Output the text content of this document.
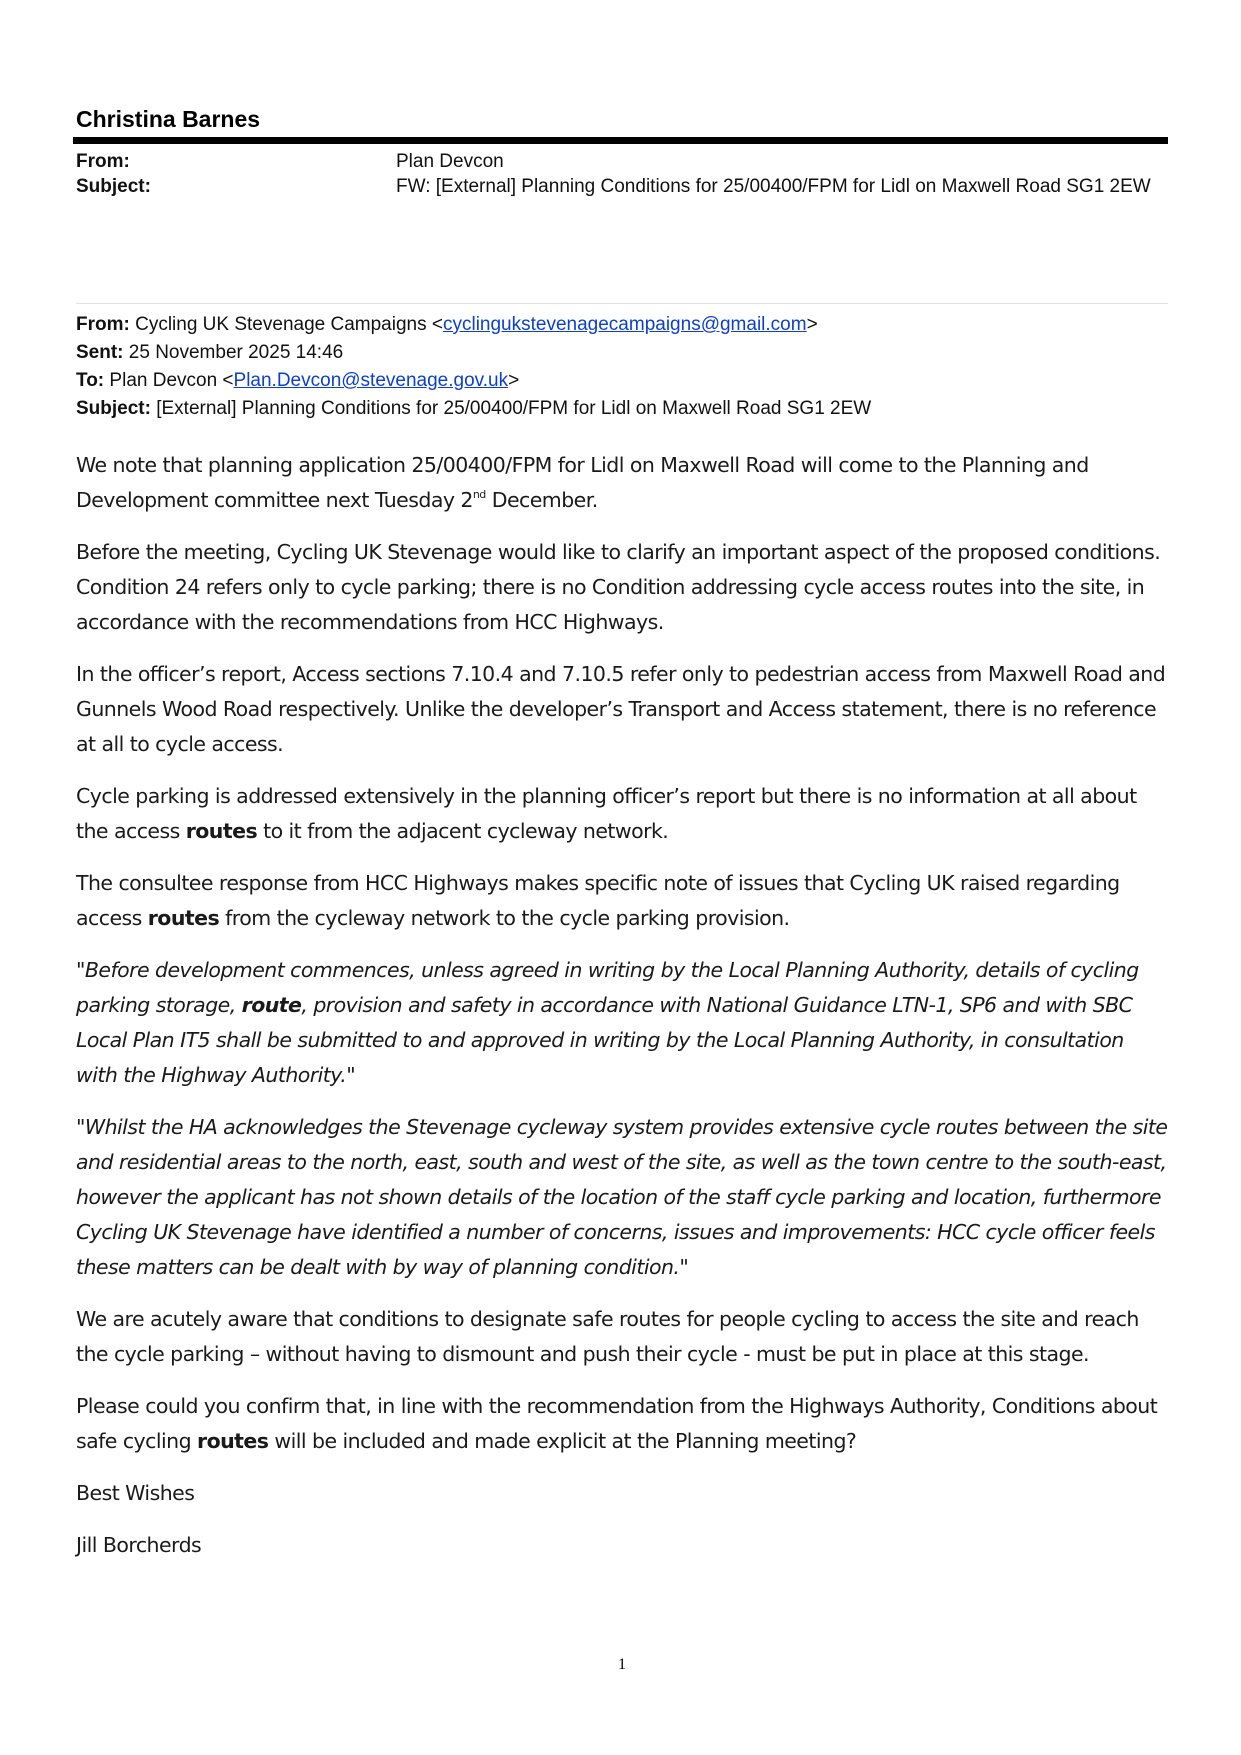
Christina Barnes
From:	Plan Devcon
Subject:	FW: [External] Planning Conditions for 25/00400/FPM for Lidl on Maxwell Road SG1 2EW
From: Cycling UK Stevenage Campaigns <cyclingukstevenagecampaigns@gmail.com>
Sent: 25 November 2025 14:46
To: Plan Devcon <Plan.Devcon@stevenage.gov.uk>
Subject: [External] Planning Conditions for 25/00400/FPM for Lidl on Maxwell Road SG1 2EW

We note that planning application 25/00400/FPM for Lidl on Maxwell Road will come to the Planning and Development committee next Tuesday 2nd December.

Before the meeting, Cycling UK Stevenage would like to clarify an important aspect of the proposed conditions. Condition 24 refers only to cycle parking; there is no Condition addressing cycle access routes into the site, in accordance with the recommendations from HCC Highways.

In the officer’s report, Access sections 7.10.4 and 7.10.5 refer only to pedestrian access from Maxwell Road and Gunnels Wood Road respectively. Unlike the developer’s Transport and Access statement, there is no reference at all to cycle access.

Cycle parking is addressed extensively in the planning officer’s report but there is no information at all about the access routes to it from the adjacent cycleway network.

The consultee response from HCC Highways makes specific note of issues that Cycling UK raised regarding access routes from the cycleway network to the cycle parking provision.

"Before development commences, unless agreed in writing by the Local Planning Authority, details of cycling parking storage, route, provision and safety in accordance with National Guidance LTN-1, SP6 and with SBC Local Plan IT5 shall be submitted to and approved in writing by the Local Planning Authority, in consultation with the Highway Authority."

"Whilst the HA acknowledges the Stevenage cycleway system provides extensive cycle routes between the site and residential areas to the north, east, south and west of the site, as well as the town centre to the south-east, however the applicant has not shown details of the location of the staff cycle parking and location, furthermore Cycling UK Stevenage have identified a number of concerns, issues and improvements: HCC cycle officer feels these matters can be dealt with by way of planning condition."

We are acutely aware that conditions to designate safe routes for people cycling to access the site and reach the cycle parking – without having to dismount and push their cycle - must be put in place at this stage.

Please could you confirm that, in line with the recommendation from the Highways Authority, Conditions about safe cycling routes will be included and made explicit at the Planning meeting?

Best Wishes

Jill Borcherds

1
